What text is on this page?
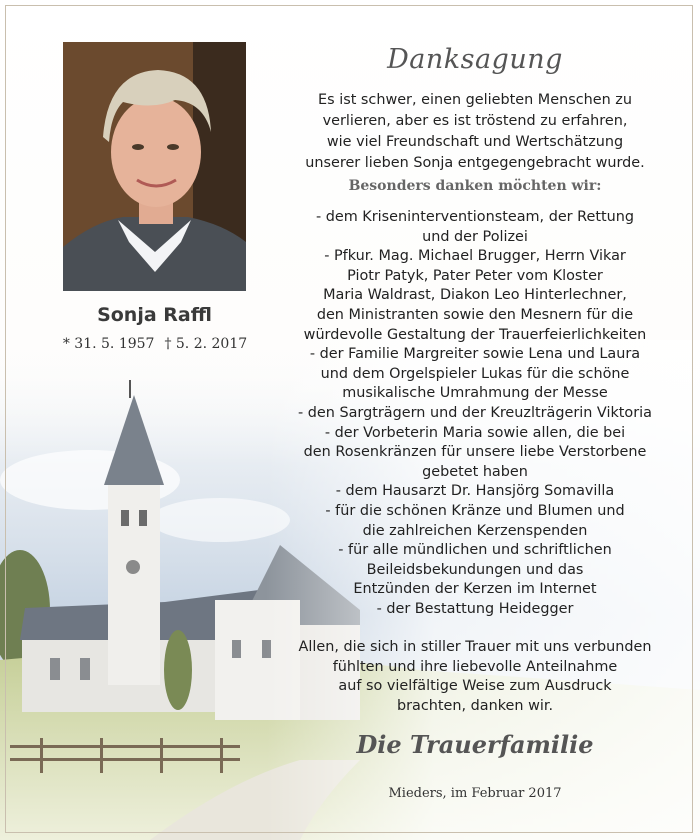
Sonja Raffl
* 31. 5. 1957 † 5. 2. 2017
Danksagung
Es ist schwer, einen geliebten Menschen zu
verlieren, aber es ist tröstend zu erfahren,
wie viel Freundschaft und Wertschätzung
unserer lieben Sonja entgegengebracht wurde.
Besonders danken möchten wir:
- dem Kriseninterventionsteam, der Rettung
und der Polizei
- Pfkur. Mag. Michael Brugger, Herrn Vikar
Piotr Patyk, Pater Peter vom Kloster
Maria Waldrast, Diakon Leo Hinterlechner,
den Ministranten sowie den Mesnern für die
würdevolle Gestaltung der Trauerfeierlichkeiten
- der Familie Margreiter sowie Lena und Laura
und dem Orgelspieler Lukas für die schöne
musikalische Umrahmung der Messe
- den Sargträgern und der Kreuzlträgerin Viktoria
- der Vorbeterin Maria sowie allen, die bei
den Rosenkränzen für unsere liebe Verstorbene
gebetet haben
- dem Hausarzt Dr. Hansjörg Somavilla
- für die schönen Kränze und Blumen und
die zahlreichen Kerzenspenden
- für alle mündlichen und schriftlichen
Beileidsbekundungen und das
Entzünden der Kerzen im Internet
- der Bestattung Heidegger
Allen, die sich in stiller Trauer mit uns verbunden
fühlten und ihre liebevolle Anteilnahme
auf so vielfältige Weise zum Ausdruck
brachten, danken wir.
Die Trauerfamilie
Mieders, im Februar 2017
